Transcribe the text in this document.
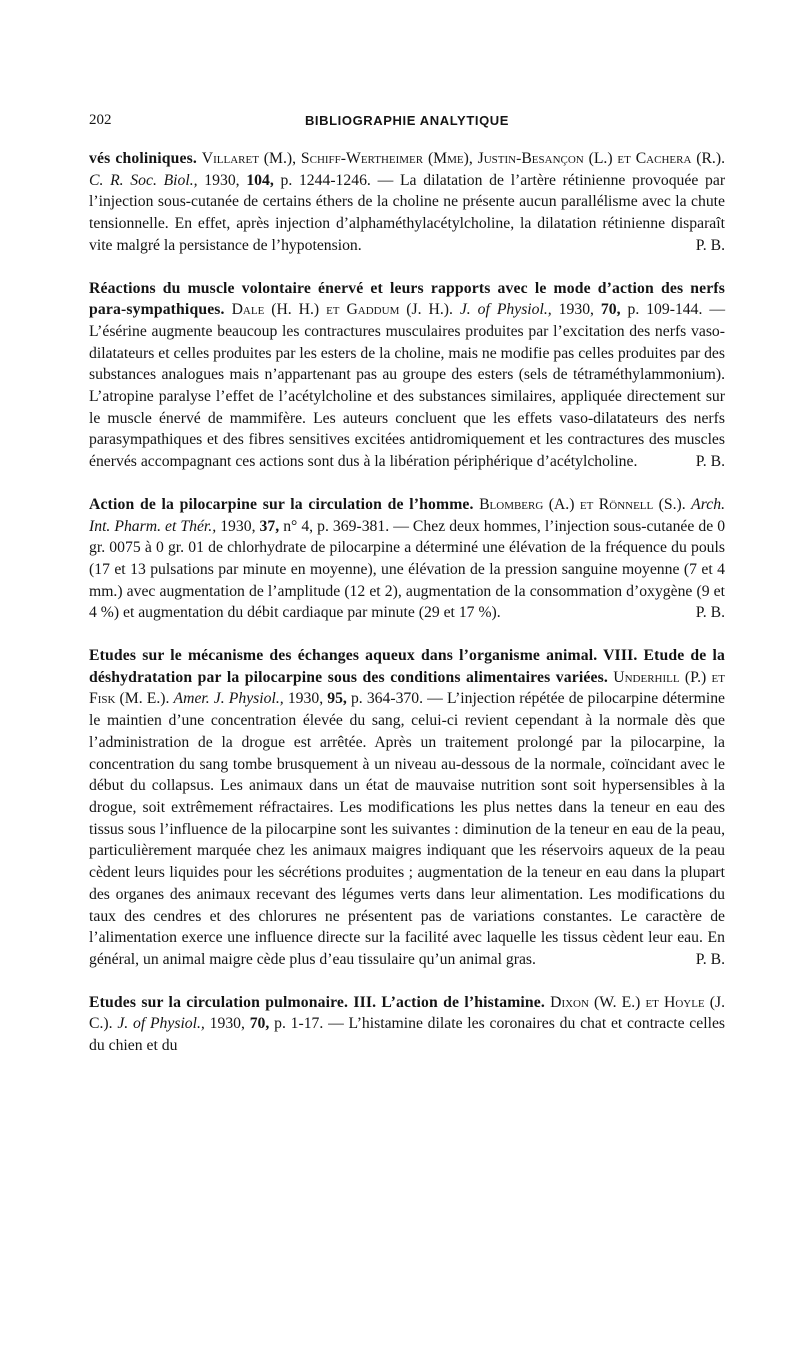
202	BIBLIOGRAPHIE ANALYTIQUE

vés choliniques. Villaret (M.), Schiff-Wertheimer (Mme), Justin-Besançon (L.) et Cachera (R.). C. R. Soc. Biol., 1930, 104, p. 1244-1246. — La dilatation de l’artère rétinienne provoquée par l’injection sous-cutanée de certains éthers de la choline ne présente aucun parallélisme avec la chute tensionnelle. En effet, après injection d’alphaméthylacétylcholine, la dilatation rétinienne disparaît vite malgré la persistance de l’hypotension.	P. B.

Réactions du muscle volontaire énervé et leurs rapports avec le mode d’action des nerfs para-sympathiques. Dale (H. H.) et Gaddum (J. H.). J. of Physiol., 1930, 70, p. 109-144. — L’ésérine augmente beaucoup les contractures musculaires produites par l’excitation des nerfs vaso-dilatateurs et celles produites par les esters de la choline, mais ne modifie pas celles produites par des substances analogues mais n’appartenant pas au groupe des esters (sels de tétraméthylammonium). L’atropine paralyse l’effet de l’acétylcholine et des substances similaires, appliquée directement sur le muscle énervé de mammifère. Les auteurs concluent que les effets vaso-dilatateurs des nerfs parasympathiques et des fibres sensitives excitées antidromiquement et les contractures des muscles énervés accompagnant ces actions sont dus à la libération périphérique d’acétylcholine.	P. B.

Action de la pilocarpine sur la circulation de l’homme. Blomberg (A.) et Rönnell (S.). Arch. Int. Pharm. et Thér., 1930, 37, n° 4, p. 369-381. — Chez deux hommes, l’injection sous-cutanée de 0 gr. 0075 à 0 gr. 01 de chlorhydrate de pilocarpine a déterminé une élévation de la fréquence du pouls (17 et 13 pulsations par minute en moyenne), une élévation de la pression sanguine moyenne (7 et 4 mm.) avec augmentation de l’amplitude (12 et 2), augmentation de la consommation d’oxygène (9 et 4 %) et augmentation du débit cardiaque par minute (29 et 17 %).	P. B.

Etudes sur le mécanisme des échanges aqueux dans l’organisme animal. VIII. Etude de la déshydratation par la pilocarpine sous des conditions alimentaires variées. Underhill (P.) et Fisk (M. E.). Amer. J. Physiol., 1930, 95, p. 364-370. — L’injection répétée de pilocarpine détermine le maintien d’une concentration élevée du sang, celui-ci revient cependant à la normale dès que l’administration de la drogue est arrêtée. Après un traitement prolongé par la pilocarpine, la concentration du sang tombe brusquement à un niveau au-dessous de la normale, coïncidant avec le début du collapsus. Les animaux dans un état de mauvaise nutrition sont soit hypersensibles à la drogue, soit extrêmement réfractaires. Les modifications les plus nettes dans la teneur en eau des tissus sous l’influence de la pilocarpine sont les suivantes : diminution de la teneur en eau de la peau, particulièrement marquée chez les animaux maigres indiquant que les réservoirs aqueux de la peau cèdent leurs liquides pour les sécrétions produites ; augmentation de la teneur en eau dans la plupart des organes des animaux recevant des légumes verts dans leur alimentation. Les modifications du taux des cendres et des chlorures ne présentent pas de variations constantes. Le caractère de l’alimentation exerce une influence directe sur la facilité avec laquelle les tissus cèdent leur eau. En général, un animal maigre cède plus d’eau tissulaire qu’un animal gras.	P. B.

Etudes sur la circulation pulmonaire. III. L’action de l’histamine. Dixon (W. E.) et Hoyle (J. C.). J. of Physiol., 1930, 70, p. 1-17. — L’histamine dilate les coronaires du chat et contracte celles du chien et du
